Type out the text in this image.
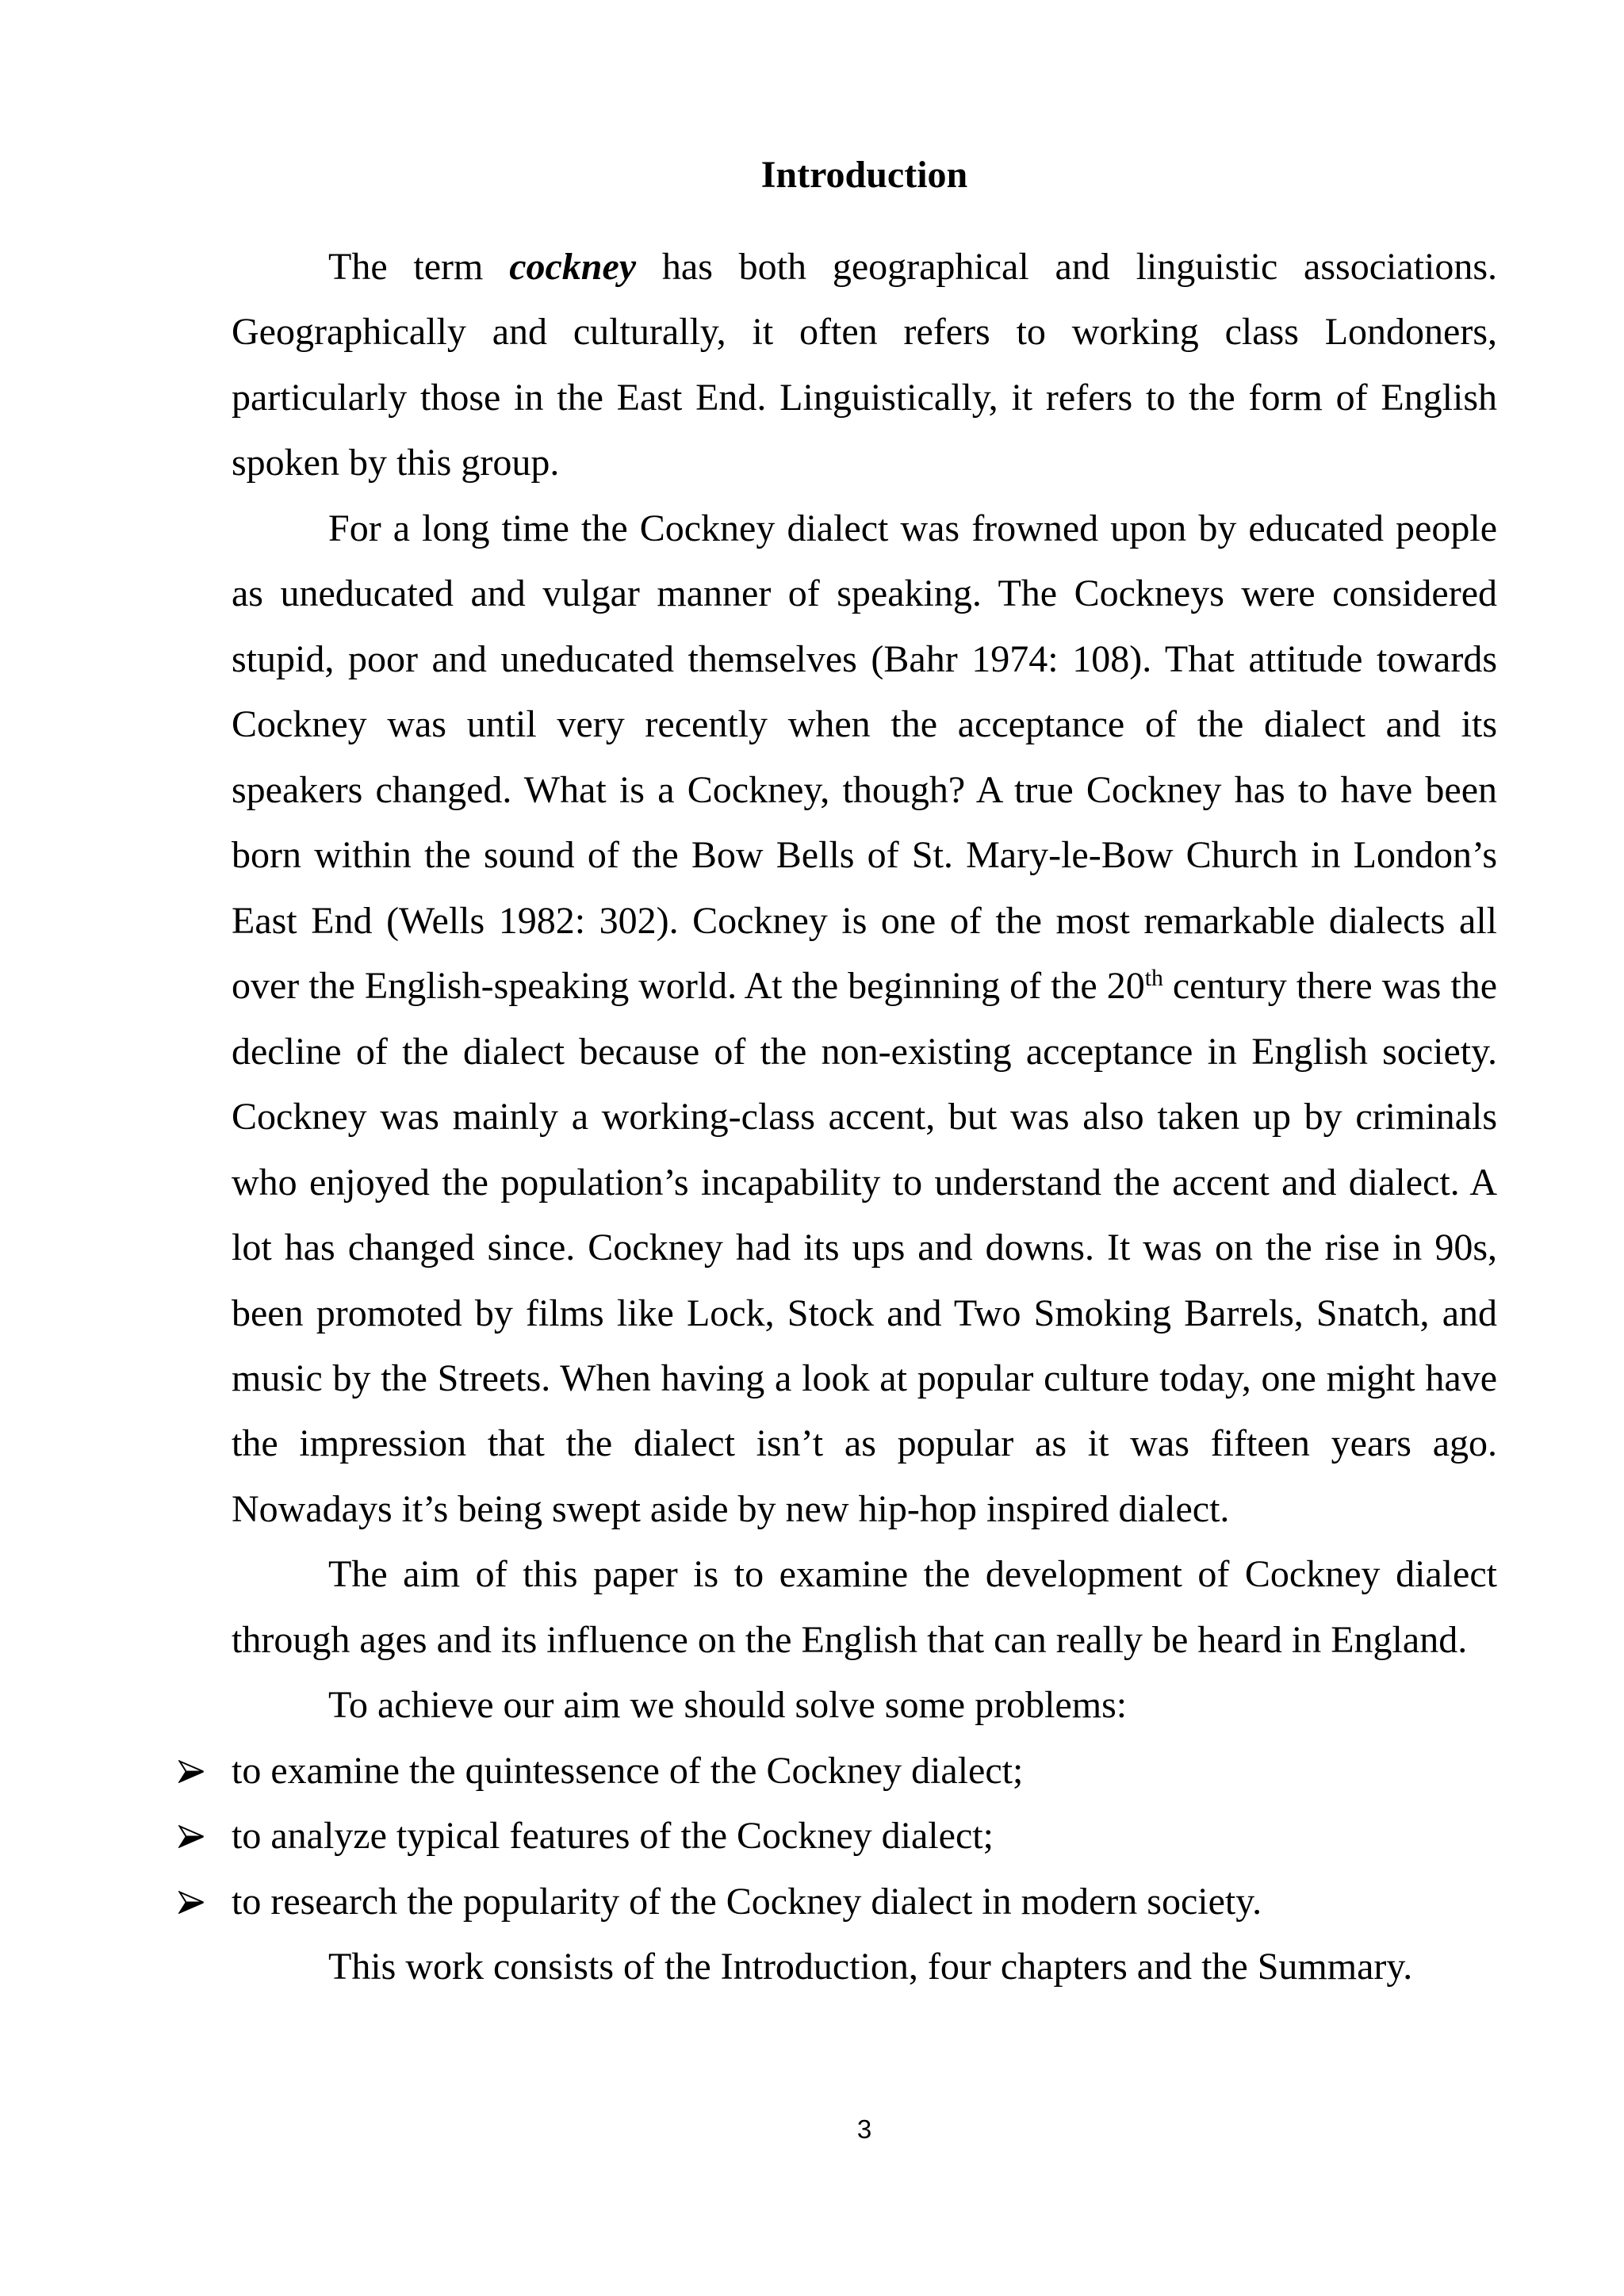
Introduction
The term cockney has both geographical and linguistic associations.
Geographically and culturally, it often refers to working class Londoners,
particularly those in the East End. Linguistically, it refers to the form of English
spoken by this group.
For a long time the Cockney dialect was frowned upon by educated people
as uneducated and vulgar manner of speaking. The Cockneys were considered
stupid, poor and uneducated themselves (Bahr 1974: 108). That attitude towards
Cockney was until very recently when the acceptance of the dialect and its
speakers changed. What is a Cockney, though? A true Cockney has to have been
born within the sound of the Bow Bells of St. Mary-le-Bow Church in London’s
East End (Wells 1982: 302). Cockney is one of the most remarkable dialects all
over the English-speaking world. At the beginning of the 20th century there was the
decline of the dialect because of the non-existing acceptance in English society.
Cockney was mainly a working-class accent, but was also taken up by criminals
who enjoyed the population’s incapability to understand the accent and dialect. A
lot has changed since. Cockney had its ups and downs. It was on the rise in 90s,
been promoted by films like Lock, Stock and Two Smoking Barrels, Snatch, and
music by the Streets. When having a look at popular culture today, one might have
the impression that the dialect isn’t as popular as it was fifteen years ago.
Nowadays it’s being swept aside by new hip-hop inspired dialect.
The aim of this paper is to examine the development of Cockney dialect
through ages and its influence on the English that can really be heard in England.
To achieve our aim we should solve some problems:
to examine the quintessence of the Cockney dialect;
to analyze typical features of the Cockney dialect;
to research the popularity of the Cockney dialect in modern society.
This work consists of the Introduction, four chapters and the Summary.
3
